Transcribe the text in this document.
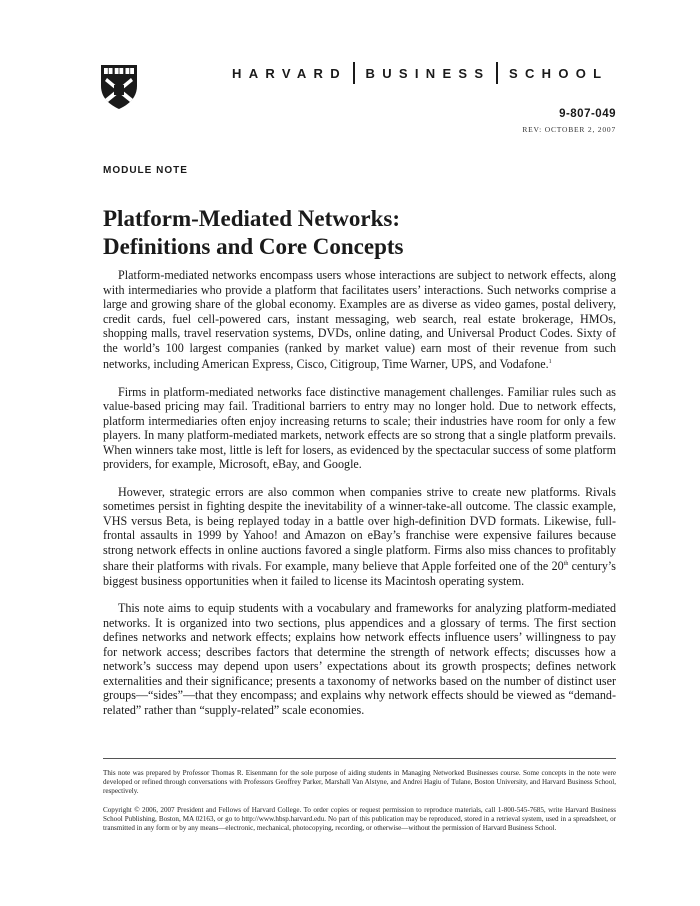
HARVARD BUSINESS SCHOOL
9-807-049
REV: OCTOBER 2, 2007
MODULE NOTE
Platform-Mediated Networks:
Definitions and Core Concepts

Platform-mediated networks encompass users whose interactions are subject to network effects, along with intermediaries who provide a platform that facilitates users’ interactions. Such networks comprise a large and growing share of the global economy. Examples are as diverse as video games, postal delivery, credit cards, fuel cell-powered cars, instant messaging, web search, real estate brokerage, HMOs, shopping malls, travel reservation systems, DVDs, online dating, and Universal Product Codes. Sixty of the world’s 100 largest companies (ranked by market value) earn most of their revenue from such networks, including American Express, Cisco, Citigroup, Time Warner, UPS, and Vodafone.$^1$

Firms in platform-mediated networks face distinctive management challenges. Familiar rules such as value-based pricing may fail. Traditional barriers to entry may no longer hold. Due to network effects, platform intermediaries often enjoy increasing returns to scale; their industries have room for only a few players. In many platform-mediated markets, network effects are so strong that a single platform prevails. When winners take most, little is left for losers, as evidenced by the spectacular success of some platform providers, for example, Microsoft, eBay, and Google.

However, strategic errors are also common when companies strive to create new platforms. Rivals sometimes persist in fighting despite the inevitability of a winner-take-all outcome. The classic example, VHS versus Beta, is being replayed today in a battle over high-definition DVD formats. Likewise, full-frontal assaults in 1999 by Yahoo! and Amazon on eBay’s franchise were expensive failures because strong network effects in online auctions favored a single platform. Firms also miss chances to profitably share their platforms with rivals. For example, many believe that Apple forfeited one of the 20th century’s biggest business opportunities when it failed to license its Macintosh operating system.

This note aims to equip students with a vocabulary and frameworks for analyzing platform-mediated networks. It is organized into two sections, plus appendices and a glossary of terms. The first section defines networks and network effects; explains how network effects influence users’ willingness to pay for network access; describes factors that determine the strength of network effects; discusses how a network’s success may depend upon users’ expectations about its growth prospects; defines network externalities and their significance; presents a taxonomy of networks based on the number of distinct user groups—“sides”—that they encompass; and explains why network effects should be viewed as “demand-related” rather than “supply-related” scale economies.

This note was prepared by Professor Thomas R. Eisenmann for the sole purpose of aiding students in Managing Networked Businesses course. Some concepts in the note were developed or refined through conversations with Professors Geoffrey Parker, Marshall Van Alstyne, and Andrei Hagiu of Tulane, Boston University, and Harvard Business School, respectively.

Copyright © 2006, 2007 President and Fellows of Harvard College. To order copies or request permission to reproduce materials, call 1-800-545-7685, write Harvard Business School Publishing, Boston, MA 02163, or go to http://www.hbsp.harvard.edu. No part of this publication may be reproduced, stored in a retrieval system, used in a spreadsheet, or transmitted in any form or by any means—electronic, mechanical, photocopying, recording, or otherwise—without the permission of Harvard Business School.
